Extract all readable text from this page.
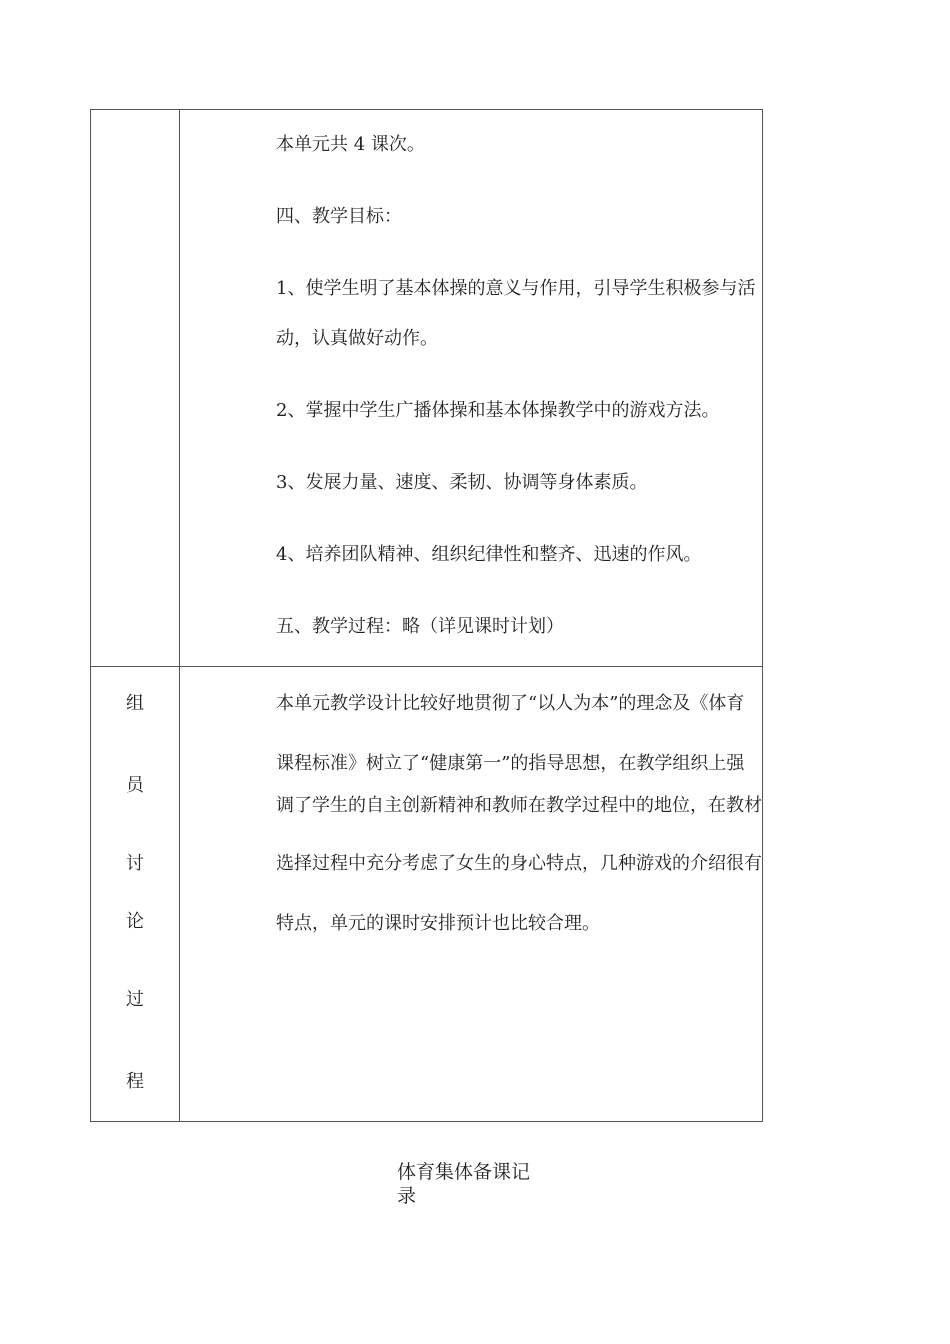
本单元共 4 课次。
四、教学目标：
1、使学生明了基本体操的意义与作用，引导学生积极参与活
动，认真做好动作。
2、掌握中学生广播体操和基本体操教学中的游戏方法。
3、发展力量、速度、柔韧、协调等身体素质。
4、培养团队精神、组织纪律性和整齐、迅速的作风。
五、教学过程：略（详见课时计划）
组
员
讨
论
过
程
本单元教学设计比较好地贯彻了“以人为本”的理念及《体育
课程标准》树立了“健康第一”的指导思想，在教学组织上强
调了学生的自主创新精神和教师在教学过程中的地位，在教材
选择过程中充分考虑了女生的身心特点，几种游戏的介绍很有
特点，单元的课时安排预计也比较合理。
体育集体备课记
录
